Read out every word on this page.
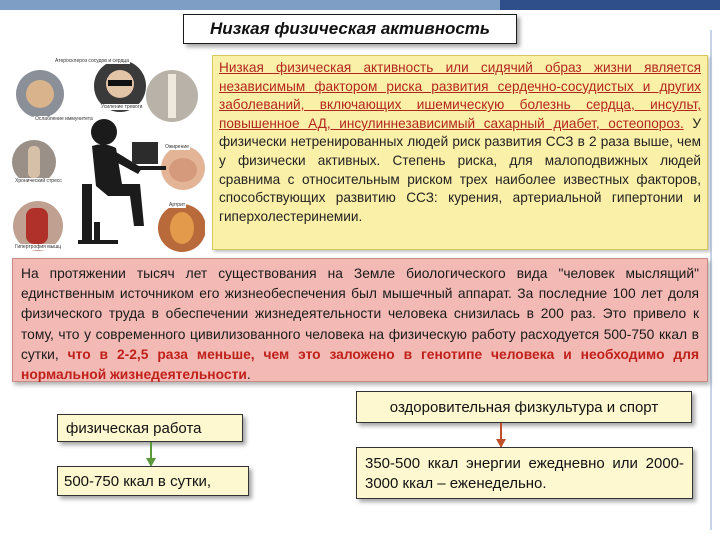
Низкая физическая активность
Атеросклероз сосудов и сердца
Ослабление иммунитета
Усиление тревоги
Ожирение
Хронический стресс
Артрит
Гипертрофия мышц
Низкая физическая активность или сидячий образ жизни является независимым фактором риска развития сердечно-сосудистых и других заболеваний, включающих ишемическую болезнь сердца, инсульт, повышенное АД, инсулиннезависимый сахарный диабет, остеопороз. У физически нетренированных людей риск развития ССЗ в 2 раза выше, чем у физически активных. Степень риска, для малоподвижных людей сравнима с относительным риском трех наиболее известных факторов, способствующих развитию ССЗ: курения, артериальной гипертонии и гиперхолестеринемии.
На протяжении тысяч лет существования на Земле биологического вида "человек мыслящий" единственным источником его жизнеобеспечения был мышечный аппарат. За последние 100 лет доля физического труда в обеспечении жизнедеятельности человека снизилась в 200 раз. Это привело к тому, что у современного цивилизованного человека на физическую работу расходуется 500-750 ккал в сутки, что в 2-2,5 раза меньше, чем это заложено в генотипе человека и необходимо для нормальной жизнедеятельности.
физическая работа
500-750 ккал в сутки,
оздоровительная физкультура и спорт
350-500 ккал энергии ежедневно или 2000-3000 ккал – еженедельно.
